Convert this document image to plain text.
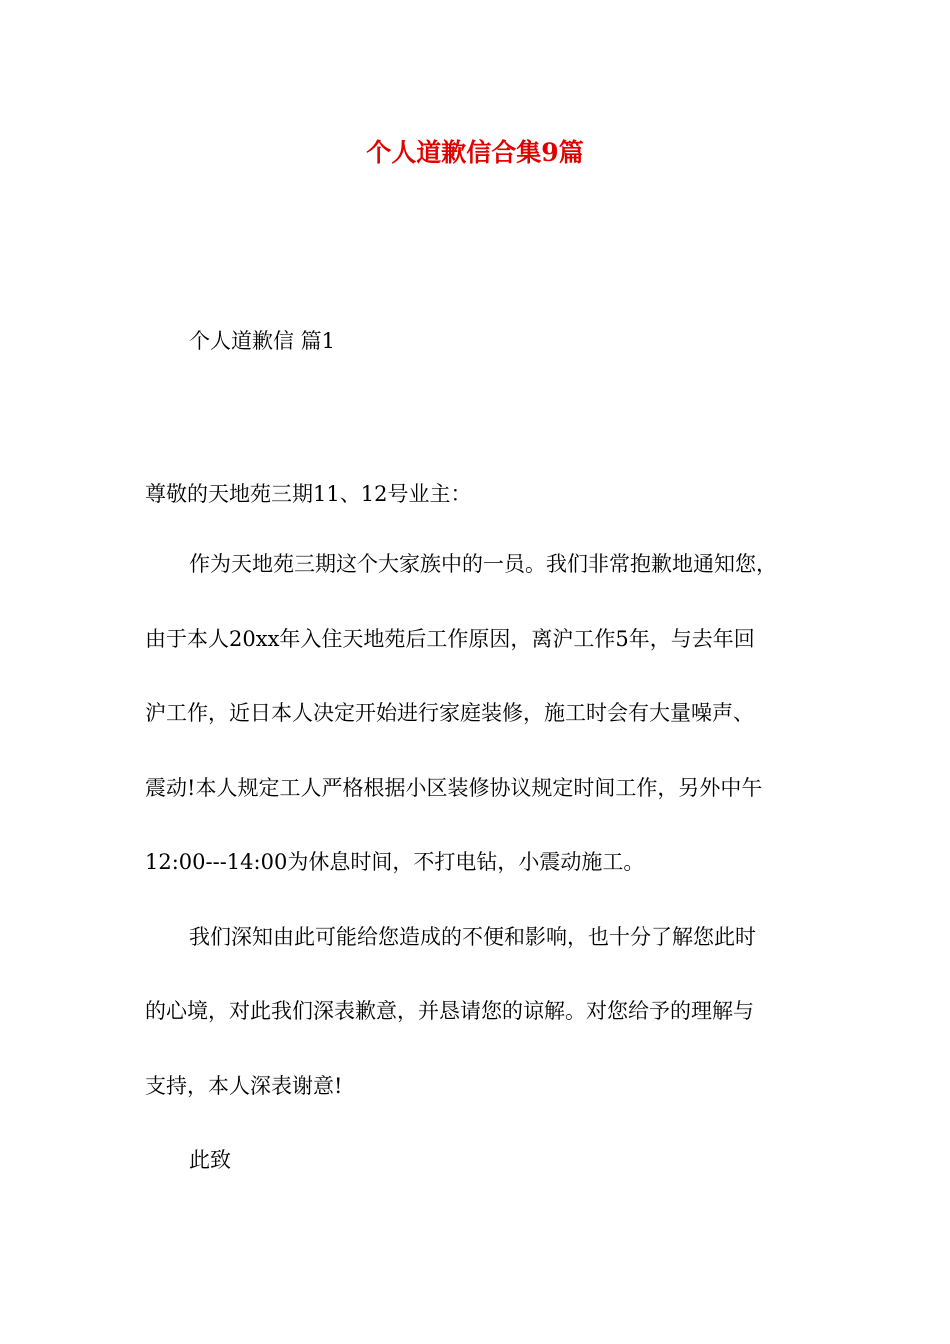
个人道歉信合集9篇
个人道歉信 篇1
尊敬的天地苑三期11、12号业主：
作为天地苑三期这个大家族中的一员。我们非常抱歉地通知您，
由于本人20xx年入住天地苑后工作原因，离沪工作5年，与去年回
沪工作，近日本人决定开始进行家庭装修，施工时会有大量噪声、
震动!本人规定工人严格根据小区装修协议规定时间工作，另外中午
12:00---14:00为休息时间，不打电钻，小震动施工。
我们深知由此可能给您造成的不便和影响，也十分了解您此时
的心境，对此我们深表歉意，并恳请您的谅解。对您给予的理解与
支持，本人深表谢意!
此致
